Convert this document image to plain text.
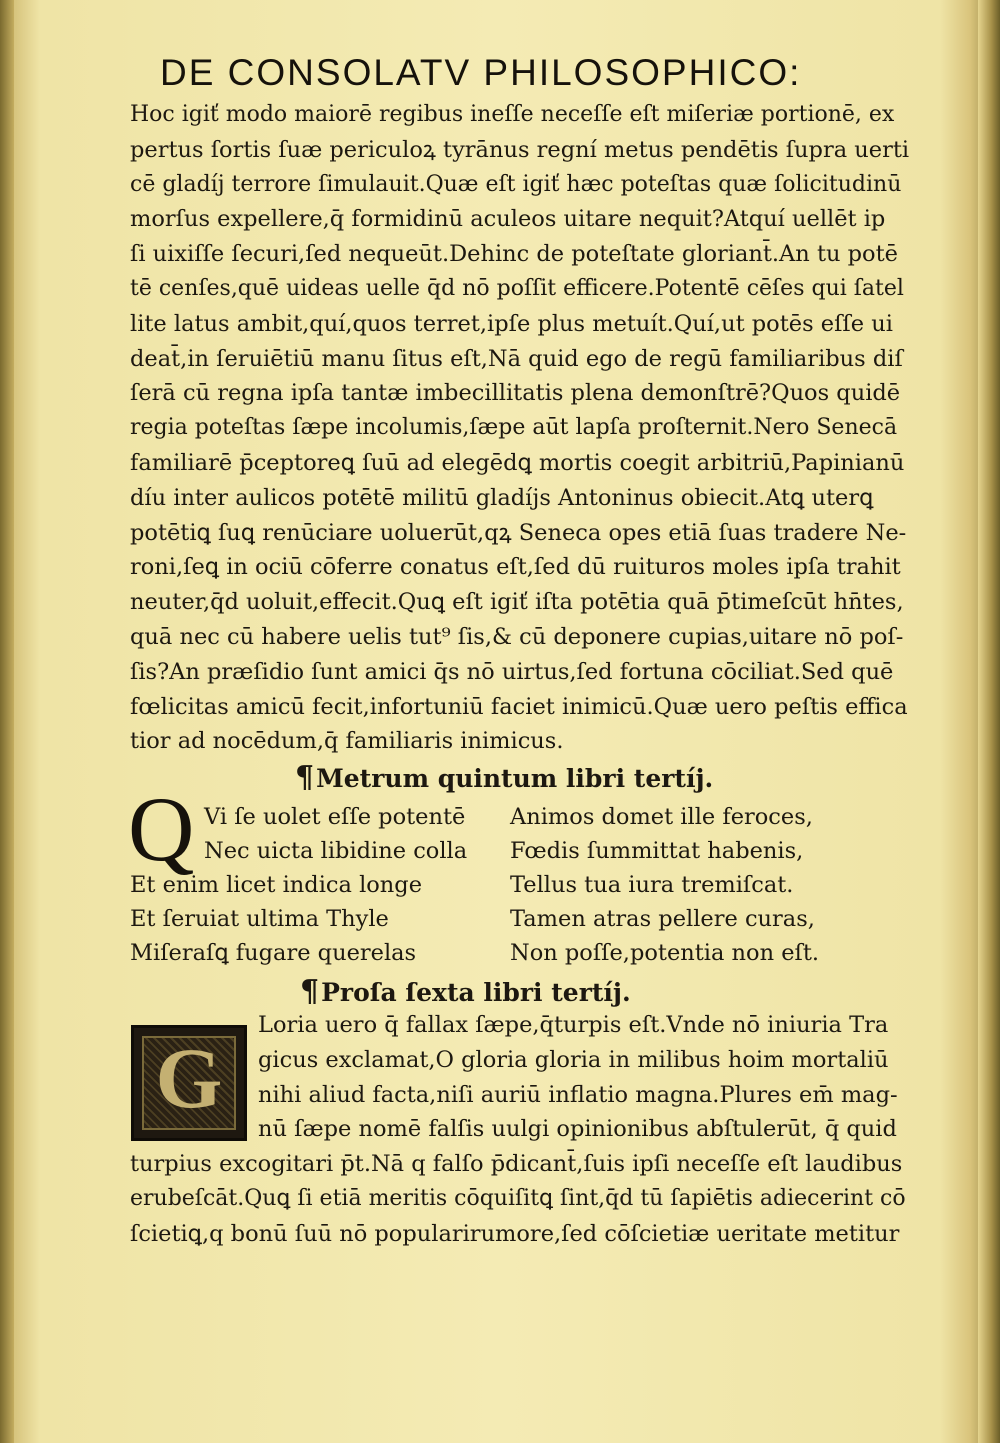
DE CONSOLATV PHILOSOPHICO:
Hoc igiť modo maiorē regibus ineſſe neceſſe eſt miſeriæ portionē, ex
pertus ſortis ſuæ periculoꝝ tyrānus regní metus pendētis ſupra uerti
cē gladíj terrore ſimulauit.Quæ eſt igiť hæc poteſtas quæ ſolicitudinū
morſus expellere,q̄ formidinū aculeos uitare nequit?Atquí uellēt ip
ſi uixiſſe ſecuri,ſed nequeūt.Dehinc de poteſtate gloriant̄.An tu potē
tē cenſes,quē uideas uelle q̄d nō poſſit efficere.Potentē cēſes qui ſatel
lite latus ambit,quí,quos terret,ipſe plus metuít.Quí,ut potēs eſſe ui
deat̄,in ſeruiētiū manu ſitus eſt,Nā quid ego de regū familiaribus diſ
ſerā cū regna ipſa tantæ imbecillitatis plena demonſtrē?Quos quidē
regia poteſtas ſæpe incolumis,ſæpe aūt lapſa proſternit.Nero Senecā
familiarē p̄ceptoreꝗ ſuū ad elegēdꝗ mortis coegit arbitriū,Papinianū
díu inter aulicos potētē militū gladíjs Antoninus obiecit.Atꝗ uterꝗ
potētiꝗ ſuꝗ renūciare uoluerūt,qꝝ Seneca opes etiā ſuas tradere Ne-
roni,ſeꝗ in ociū cōferre conatus eſt,ſed dū ruituros moles ipſa trahit
neuter,q̄d uoluit,effecit.Quꝗ eſt igiť iſta potētia quā p̄timeſcūt hn̄tes,
quā nec cū habere uelis tut⁹ ſis,& cū deponere cupias,uitare nō poſ-
ſis?An præſidio ſunt amici q̄s nō uirtus,ſed fortuna cōciliat.Sed quē
fœlicitas amicū fecit,infortuniū faciet inimicū.Quæ uero peſtis effica
tior ad nocēdum,q̄ familiaris inimicus.
¶Metrum quintum libri tertíj.
Q Vi ſe uolet eſſe potentē
Nec uicta libidine colla
Et enim licet indica longe
Et ſeruiat ultima Thyle
Miſeraſꝗ fugare querelas
Animos domet ille feroces,
Fœdis ſummittat habenis,
Tellus tua iura tremiſcat.
Tamen atras pellere curas,
Non poſſe,potentia non eſt.
¶Proſa ſexta libri tertíj.
G
Loria uero q̄ fallax ſæpe,q̄turpis eſt.Vnde nō iniuria Tra
gicus exclamat,O gloria gloria in milibus hoim mortaliū
nihi aliud facta,niſi auriū inflatio magna.Plures em̄ mag-
nū ſæpe nomē falſis uulgi opinionibus abſtulerūt, q̄ quid
turpius excogitari p̄t.Nā q falſo p̄dicant̄,ſuis ipſi neceſſe eſt laudibus
erubeſcāt.Quꝗ ſi etiā meritis cōquiſitꝗ ſint,q̄d tū ſapiētis adiecerint cō
ſcietiꝗ,q bonū ſuū nō popularirumore,ſed cōſcietiæ ueritate metitur
